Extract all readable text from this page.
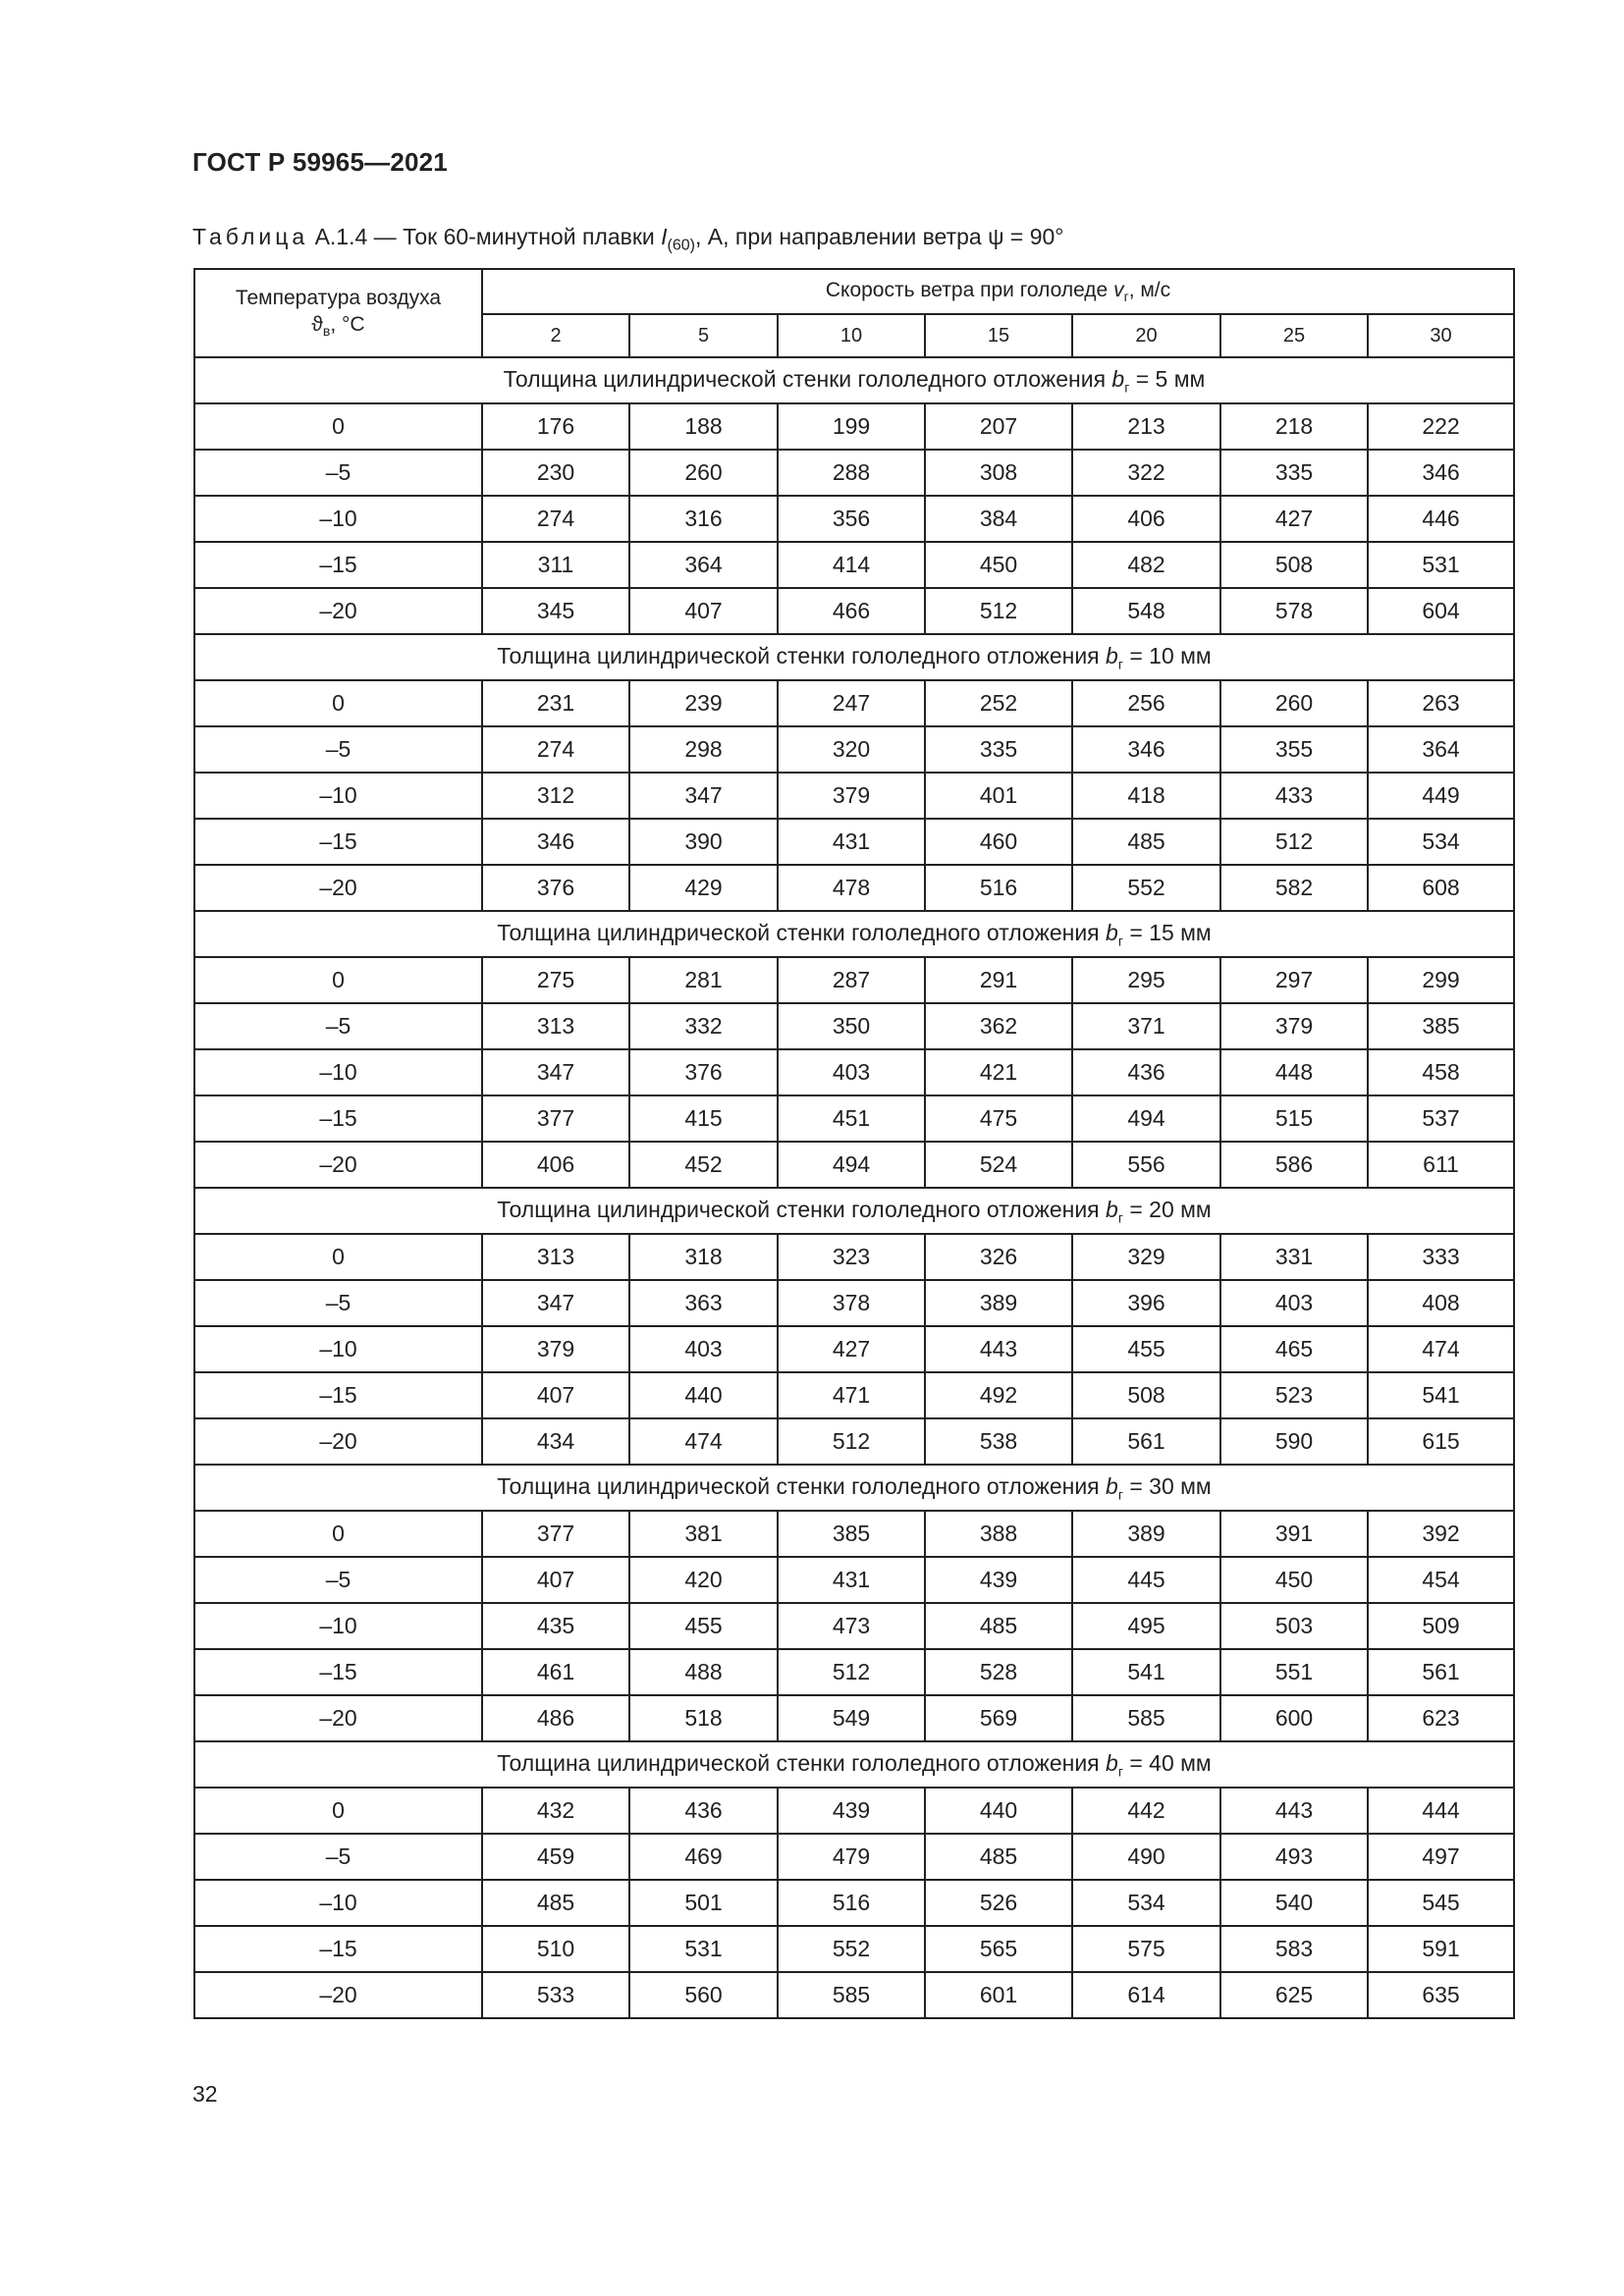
ГОСТ Р 59965—2021
Таблица A.1.4 — Ток 60-минутной плавки $I_{(60)}$, А, при направлении ветра ψ = 90°
Температура воздуха
$ϑ_в$, °С	Скорость ветра при гололеде $v_г$, м/с						
	2	5	10	15	20	25	30
Толщина цилиндрической стенки гололедного отложения $b_г = 5$ мм							
0	176	188	199	207	213	218	222
–5	230	260	288	308	322	335	346
–10	274	316	356	384	406	427	446
–15	311	364	414	450	482	508	531
–20	345	407	466	512	548	578	604
Толщина цилиндрической стенки гололедного отложения $b_г = 10$ мм							
0	231	239	247	252	256	260	263
–5	274	298	320	335	346	355	364
–10	312	347	379	401	418	433	449
–15	346	390	431	460	485	512	534
–20	376	429	478	516	552	582	608
Толщина цилиндрической стенки гололедного отложения $b_г = 15$ мм							
0	275	281	287	291	295	297	299
–5	313	332	350	362	371	379	385
–10	347	376	403	421	436	448	458
–15	377	415	451	475	494	515	537
–20	406	452	494	524	556	586	611
Толщина цилиндрической стенки гололедного отложения $b_г = 20$ мм							
0	313	318	323	326	329	331	333
–5	347	363	378	389	396	403	408
–10	379	403	427	443	455	465	474
–15	407	440	471	492	508	523	541
–20	434	474	512	538	561	590	615
Толщина цилиндрической стенки гололедного отложения $b_г = 30$ мм							
0	377	381	385	388	389	391	392
–5	407	420	431	439	445	450	454
–10	435	455	473	485	495	503	509
–15	461	488	512	528	541	551	561
–20	486	518	549	569	585	600	623
Толщина цилиндрической стенки гололедного отложения $b_г = 40$ мм							
0	432	436	439	440	442	443	444
–5	459	469	479	485	490	493	497
–10	485	501	516	526	534	540	545
–15	510	531	552	565	575	583	591
–20	533	560	585	601	614	625	635
32
